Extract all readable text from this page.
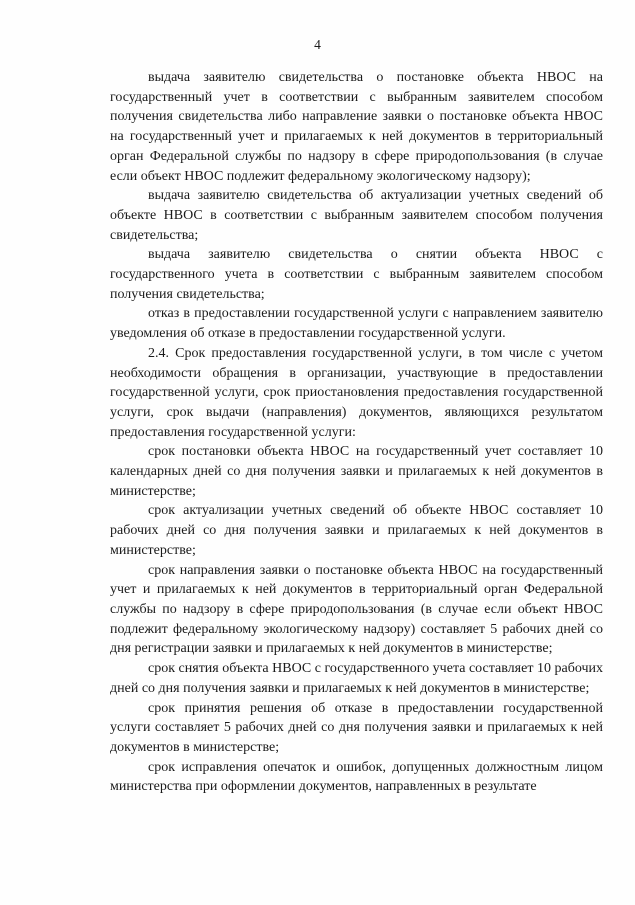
4

выдача заявителю свидетельства о постановке объекта НВОС на государственный учет в соответствии с выбранным заявителем способом получения свидетельства либо направление заявки о постановке объекта НВОС на государственный учет и прилагаемых к ней документов в территориальный орган Федеральной службы по надзору в сфере природопользования (в случае если объект НВОС подлежит федеральному экологическому надзору);

выдача заявителю свидетельства об актуализации учетных сведений об объекте НВОС в соответствии с выбранным заявителем способом получения свидетельства;

выдача заявителю свидетельства о снятии объекта НВОС с государственного учета в соответствии с выбранным заявителем способом получения свидетельства;

отказ в предоставлении государственной услуги с направлением заявителю уведомления об отказе в предоставлении государственной услуги.

2.4. Срок предоставления государственной услуги, в том числе с учетом необходимости обращения в организации, участвующие в предоставлении государственной услуги, срок приостановления предоставления государственной услуги, срок выдачи (направления) документов, являющихся результатом предоставления государственной услуги:

срок постановки объекта НВОС на государственный учет составляет 10 календарных дней со дня получения заявки и прилагаемых к ней документов в министерстве;

срок актуализации учетных сведений об объекте НВОС составляет 10 рабочих дней со дня получения заявки и прилагаемых к ней документов в министерстве;

срок направления заявки о постановке объекта НВОС на государственный учет и прилагаемых к ней документов в территориальный орган Федеральной службы по надзору в сфере природопользования (в случае если объект НВОС подлежит федеральному экологическому надзору) составляет 5 рабочих дней со дня регистрации заявки и прилагаемых к ней документов в министерстве;

срок снятия объекта НВОС с государственного учета составляет 10 рабочих дней со дня получения заявки и прилагаемых к ней документов в министерстве;

срок принятия решения об отказе в предоставлении государственной услуги составляет 5 рабочих дней со дня получения заявки и прилагаемых к ней документов в министерстве;

срок исправления опечаток и ошибок, допущенных должностным лицом министерства при оформлении документов, направленных в результате
